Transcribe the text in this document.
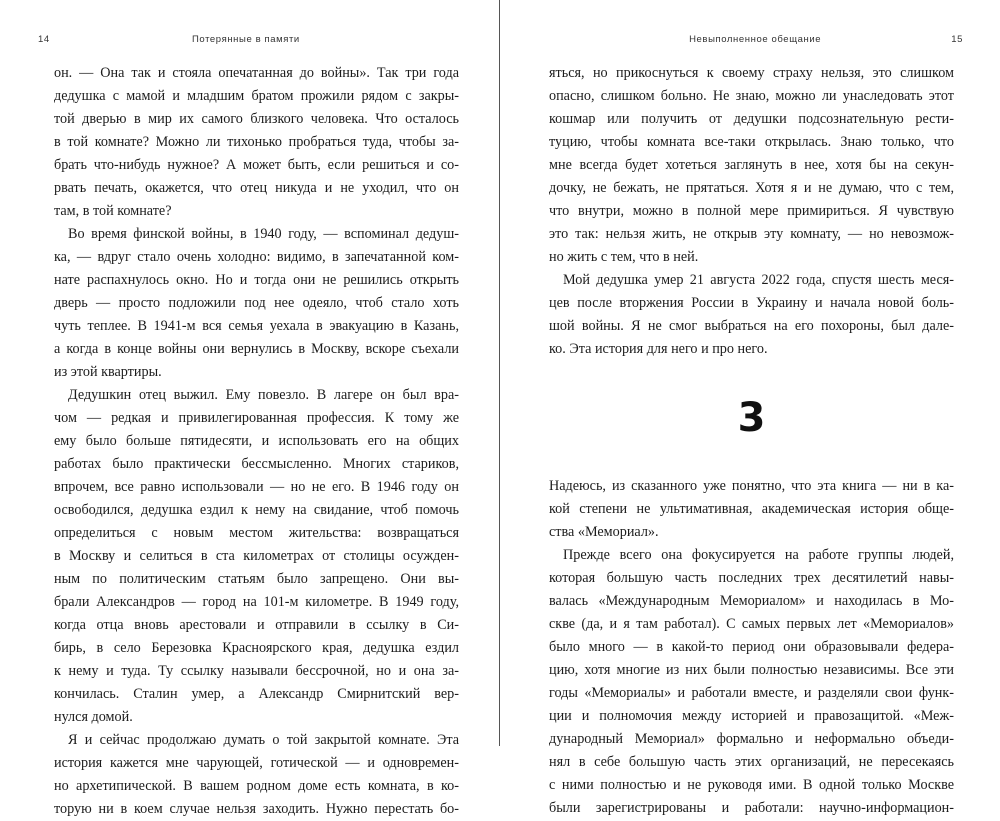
14	Потерянные в памяти
он. — Она так и стояла опечатанная до войны». Так три года
дедушка с мамой и младшим братом прожили рядом с закры-
той дверью в мир их самого близкого человека. Что осталось
в той комнате? Можно ли тихонько пробраться туда, чтобы за-
брать что-нибудь нужное? А может быть, если решиться и со-
рвать печать, окажется, что отец никуда и не уходил, что он
там, в той комнате?
Во время финской войны, в 1940 году, — вспоминал дедуш-
ка, — вдруг стало очень холодно: видимо, в запечатанной ком-
нате распахнулось окно. Но и тогда они не решились открыть
дверь — просто подложили под нее одеяло, чтоб стало хоть
чуть теплее. В 1941-м вся семья уехала в эвакуацию в Казань,
а когда в конце войны они вернулись в Москву, вскоре съехали
из этой квартиры.
Дедушкин отец выжил. Ему повезло. В лагере он был вра-
чом — редкая и привилегированная профессия. К тому же
ему было больше пятидесяти, и использовать его на общих
работах было практически бессмысленно. Многих стариков,
впрочем, все равно использовали — но не его. В 1946 году он
освободился, дедушка ездил к нему на свидание, чтоб помочь
определиться с новым местом жительства: возвращаться
в Москву и селиться в ста километрах от столицы осужден-
ным по политическим статьям было запрещено. Они вы-
брали Александров — город на 101-м километре. В 1949 году,
когда отца вновь арестовали и отправили в ссылку в Си-
бирь, в село Березовка Красноярского края, дедушка ездил
к нему и туда. Ту ссылку называли бессрочной, но и она за-
кончилась. Сталин умер, а Александр Смирнитский вер-
нулся домой.
Я и сейчас продолжаю думать о той закрытой комнате. Эта
история кажется мне чарующей, готической — и одновремен-
но архетипической. В вашем родном доме есть комната, в ко-
торую ни в коем случае нельзя заходить. Нужно перестать бо-
Невыполненное обещание	15
яться, но прикоснуться к своему страху нельзя, это слишком
опасно, слишком больно. Не знаю, можно ли унаследовать этот
кошмар или получить от дедушки подсознательную рести-
туцию, чтобы комната все-таки открылась. Знаю только, что
мне всегда будет хотеться заглянуть в нее, хотя бы на секун-
дочку, не бежать, не прятаться. Хотя я и не думаю, что с тем,
что внутри, можно в полной мере примириться. Я чувствую
это так: нельзя жить, не открыв эту комнату, — но невозмож-
но жить с тем, что в ней.
Мой дедушка умер 21 августа 2022 года, спустя шесть меся-
цев после вторжения России в Украину и начала новой боль-
шой войны. Я не смог выбраться на его похороны, был дале-
ко. Эта история для него и про него.
3
Надеюсь, из сказанного уже понятно, что эта книга — ни в ка-
кой степени не ультимативная, академическая история обще-
ства «Мемориал».
Прежде всего она фокусируется на работе группы людей,
которая большую часть последних трех десятилетий навы-
валась «Международным Мемориалом» и находилась в Мо-
скве (да, и я там работал). С самых первых лет «Мемориалов»
было много — в какой-то период они образовывали федера-
цию, хотя многие из них были полностью независимы. Все эти
годы «Мемориалы» и работали вместе, и разделяли свои функ-
ции и полномочия между историей и правозащитой. «Меж-
дународный Мемориал» формально и неформально объеди-
нял в себе большую часть этих организаций, не пересекаясь
с ними полностью и не руководя ими. В одной только Москве
были зарегистрированы и работали: научно-информацион-
